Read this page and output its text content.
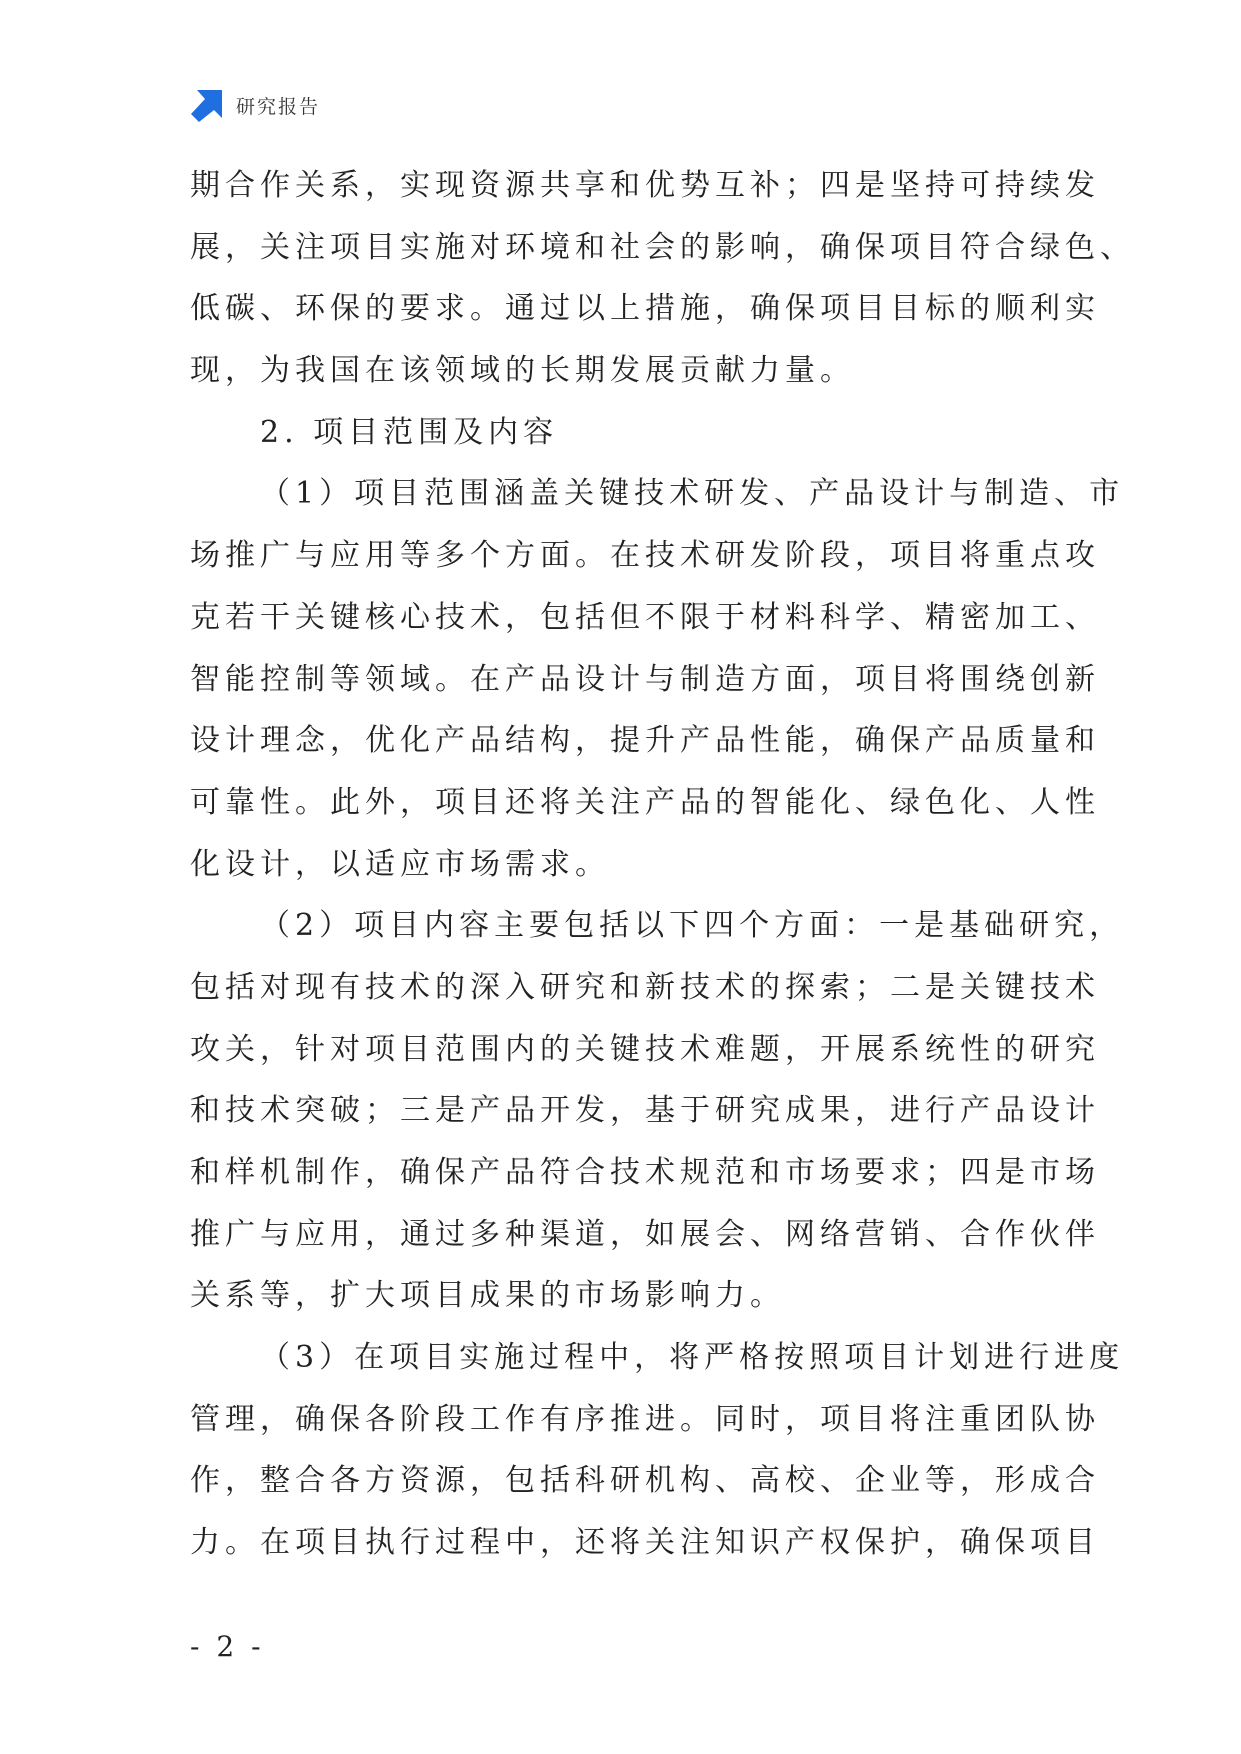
研究报告
期合作关系，实现资源共享和优势互补；四是坚持可持续发
展，关注项目实施对环境和社会的影响，确保项目符合绿色、
低碳、环保的要求。通过以上措施，确保项目目标的顺利实
现，为我国在该领域的长期发展贡献力量。
2. 项目范围及内容
（1）项目范围涵盖关键技术研发、产品设计与制造、市
场推广与应用等多个方面。在技术研发阶段，项目将重点攻
克若干关键核心技术，包括但不限于材料科学、精密加工、
智能控制等领域。在产品设计与制造方面，项目将围绕创新
设计理念，优化产品结构，提升产品性能，确保产品质量和
可靠性。此外，项目还将关注产品的智能化、绿色化、人性
化设计，以适应市场需求。
（2）项目内容主要包括以下四个方面：一是基础研究，
包括对现有技术的深入研究和新技术的探索；二是关键技术
攻关，针对项目范围内的关键技术难题，开展系统性的研究
和技术突破；三是产品开发，基于研究成果，进行产品设计
和样机制作，确保产品符合技术规范和市场要求；四是市场
推广与应用，通过多种渠道，如展会、网络营销、合作伙伴
关系等，扩大项目成果的市场影响力。
（3）在项目实施过程中，将严格按照项目计划进行进度
管理，确保各阶段工作有序推进。同时，项目将注重团队协
作，整合各方资源，包括科研机构、高校、企业等，形成合
力。在项目执行过程中，还将关注知识产权保护，确保项目
- 2 -
